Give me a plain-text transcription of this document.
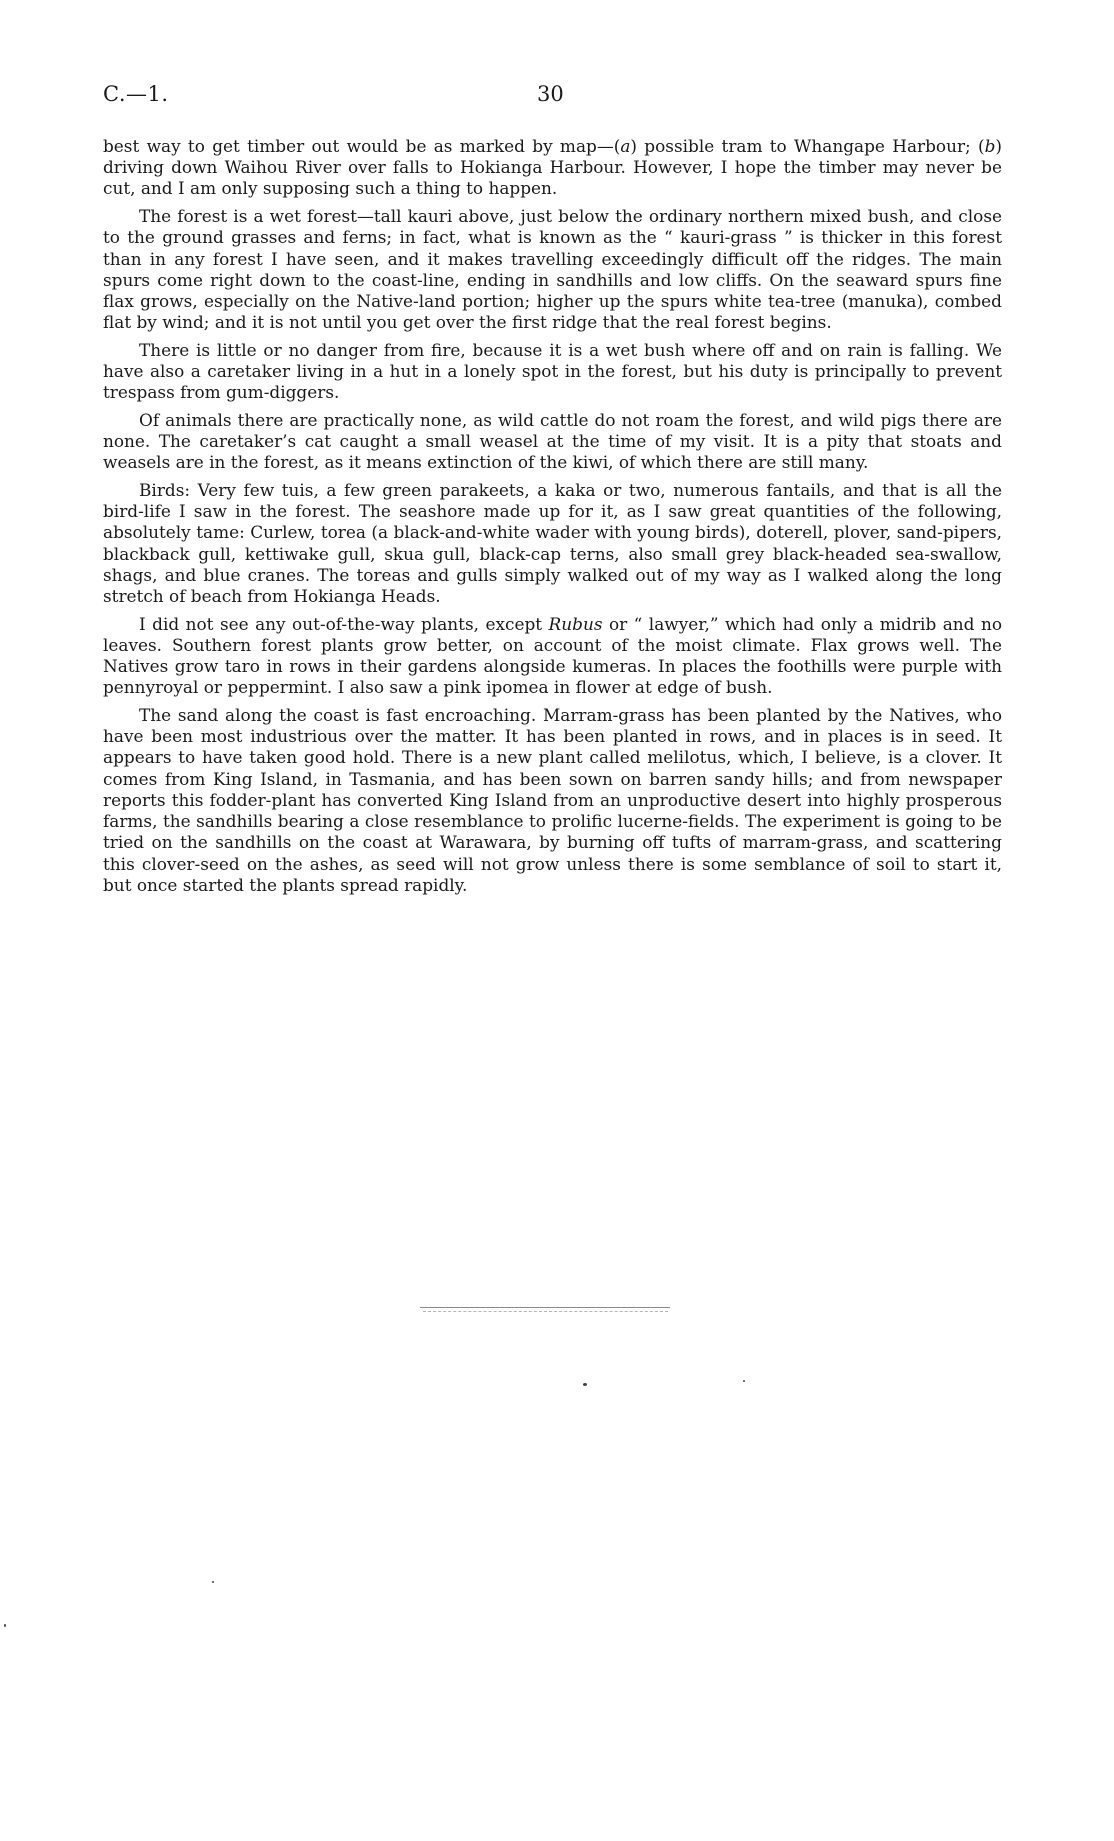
C.—1.	30

best way to get timber out would be as marked by map—(a) possible tram to Whangape Harbour; (b) driving down Waihou River over falls to Hokianga Harbour. However, I hope the timber may never be cut, and I am only supposing such a thing to happen.

The forest is a wet forest—tall kauri above, just below the ordinary northern mixed bush, and close to the ground grasses and ferns; in fact, what is known as the “ kauri-grass ” is thicker in this forest than in any forest I have seen, and it makes travelling exceedingly difficult off the ridges. The main spurs come right down to the coast-line, ending in sandhills and low cliffs. On the seaward spurs fine flax grows, especially on the Native-land portion; higher up the spurs white tea-tree (manuka), combed flat by wind; and it is not until you get over the first ridge that the real forest begins.

There is little or no danger from fire, because it is a wet bush where off and on rain is falling. We have also a caretaker living in a hut in a lonely spot in the forest, but his duty is principally to prevent trespass from gum-diggers.

Of animals there are practically none, as wild cattle do not roam the forest, and wild pigs there are none. The caretaker’s cat caught a small weasel at the time of my visit. It is a pity that stoats and weasels are in the forest, as it means extinction of the kiwi, of which there are still many.

Birds: Very few tuis, a few green parakeets, a kaka or two, numerous fantails, and that is all the bird-life I saw in the forest. The seashore made up for it, as I saw great quantities of the following, absolutely tame: Curlew, torea (a black-and-white wader with young birds), doterell, plover, sand-pipers, blackback gull, kettiwake gull, skua gull, black-cap terns, also small grey black-headed sea-swallow, shags, and blue cranes. The toreas and gulls simply walked out of my way as I walked along the long stretch of beach from Hokianga Heads.

I did not see any out-of-the-way plants, except Rubus or “ lawyer,” which had only a midrib and no leaves. Southern forest plants grow better, on account of the moist climate. Flax grows well. The Natives grow taro in rows in their gardens alongside kumeras. In places the foothills were purple with pennyroyal or peppermint. I also saw a pink ipomea in flower at edge of bush.

The sand along the coast is fast encroaching. Marram-grass has been planted by the Natives, who have been most industrious over the matter. It has been planted in rows, and in places is in seed. It appears to have taken good hold. There is a new plant called melilotus, which, I believe, is a clover. It comes from King Island, in Tasmania, and has been sown on barren sandy hills; and from newspaper reports this fodder-plant has converted King Island from an unproductive desert into highly prosperous farms, the sandhills bearing a close resemblance to prolific lucerne-fields. The experiment is going to be tried on the sandhills on the coast at Warawara, by burning off tufts of marram-grass, and scattering this clover-seed on the ashes, as seed will not grow unless there is some semblance of soil to start it, but once started the plants spread rapidly.
